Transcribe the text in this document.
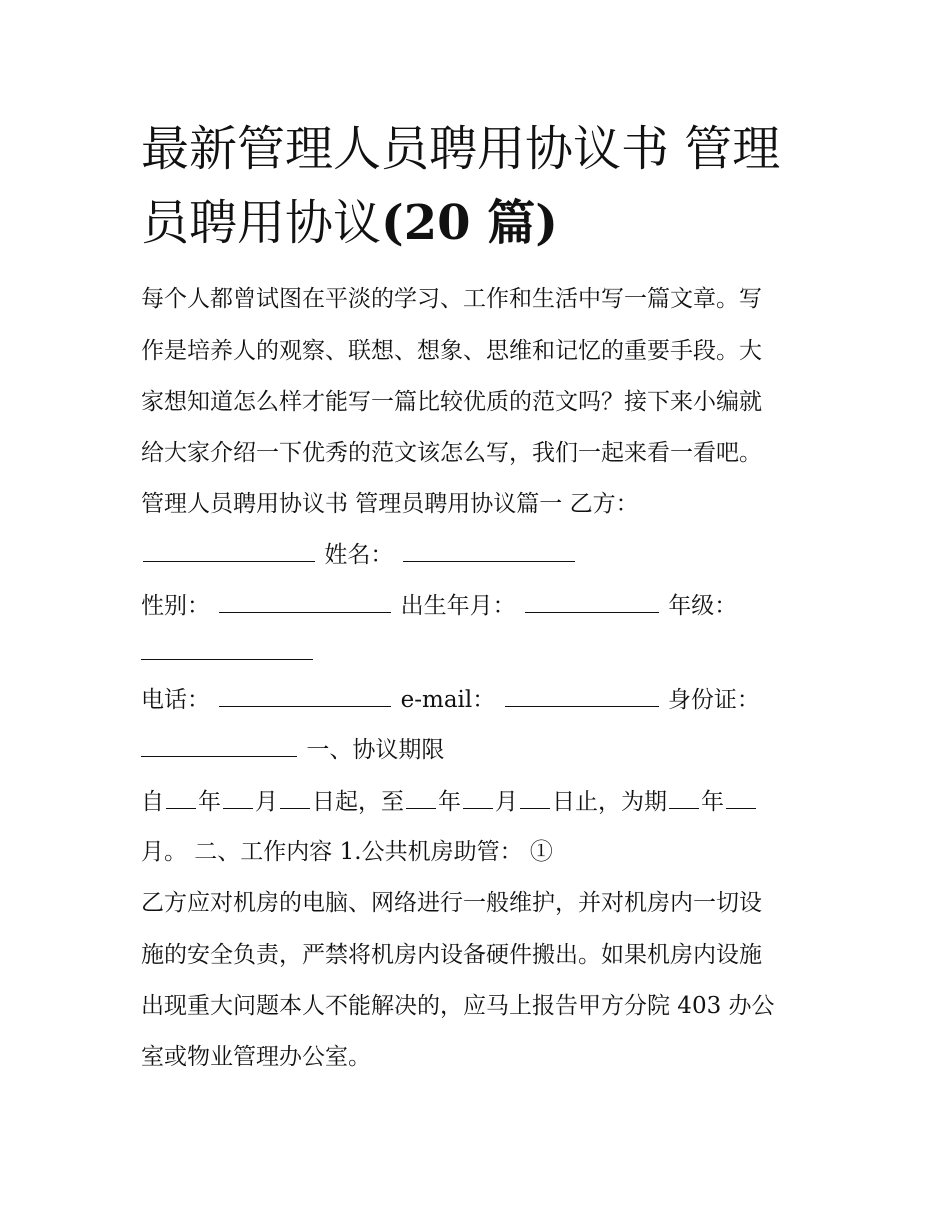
最新管理人员聘用协议书 管理
员聘用协议(20 篇)

每个人都曾试图在平淡的学习、工作和生活中写一篇文章。写

作是培养人的观察、联想、想象、思维和记忆的重要手段。大

家想知道怎么样才能写一篇比较优质的范文吗？接下来小编就

给大家介绍一下优秀的范文该怎么写，我们一起来看一看吧。

管理人员聘用协议书 管理员聘用协议篇一 乙方：

姓名：

性别：	出生年月：	年级：

电话：	e-mail：	身份证：

一、协议期限

自 年 月 日起，至 年 月 日止，为期 年

月。 二、工作内容 1.公共机房助管： ①

乙方应对机房的电脑、网络进行一般维护，并对机房内一切设

施的安全负责，严禁将机房内设备硬件搬出。如果机房内设施

出现重大问题本人不能解决的，应马上报告甲方分院 403 办公

室或物业管理办公室。
